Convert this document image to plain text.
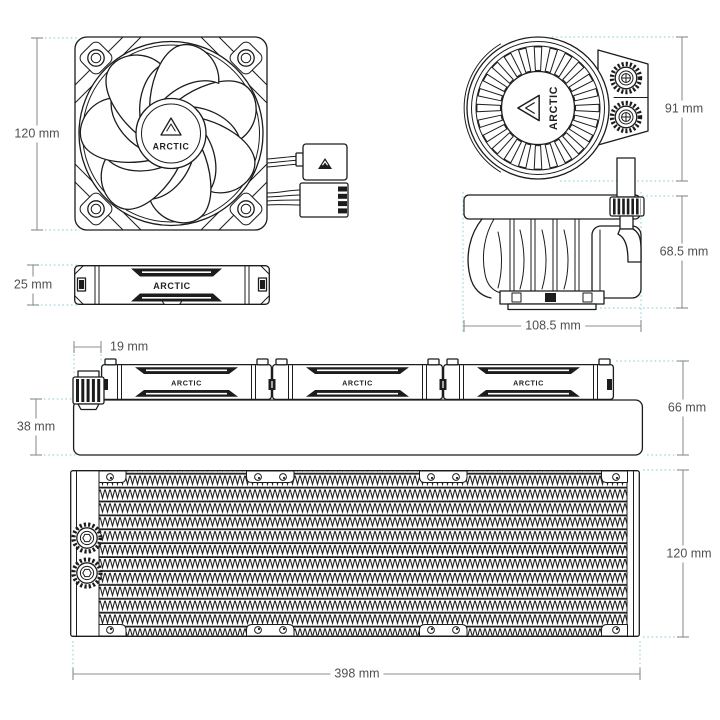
ARCTIC
ARCTIC
ARCTIC
ARCTIC	ARCTIC	ARCTIC
120 mm
25 mm
91 mm
68.5 mm
108.5 mm
19 mm
38 mm
66 mm
120 mm
398 mm
